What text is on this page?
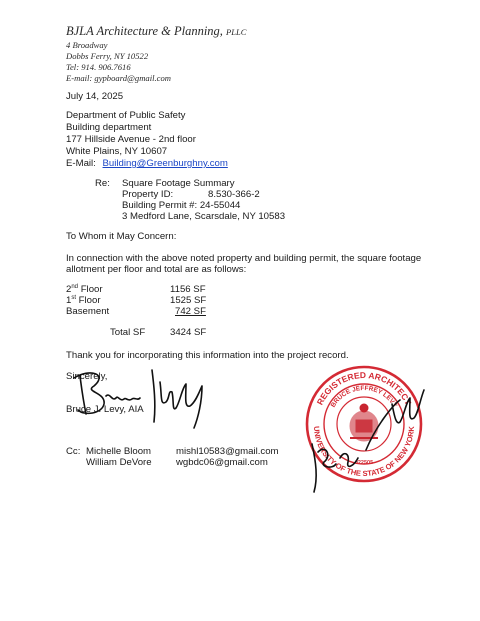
BJLA Architecture & Planning, PLLC
4 Broadway
Dobbs Ferry, NY 10522
Tel: 914. 906.7616
E-mail: gypboard@gmail.com
July 14, 2025
Department of Public Safety
Building department
177 Hillside Avenue - 2nd floor
White Plains, NY 10607
E-Mail: Building@Greenburghny.com
Re: Square Footage Summary
Property ID:	8.530-366-2
Building Permit #: 24-55044
3 Medford Lane, Scarsdale, NY 10583
To Whom it May Concern:
In connection with the above noted property and building permit, the square footage
allotment per floor and total are as follows:
2nd Floor	1156 SF
1st Floor	1525 SF
Basement	742 SF
Total SF	3424 SF
Thank you for incorporating this information into the project record.
Sincerely,
Bruce J. Levy, AIA
REGISTERED ARCHITECT
BRUCE JEFFREY LEVY
UNIVERSITY OF THE STATE OF NEW YORK
022505
Cc: Michelle Bloom	mishl10583@gmail.com
William DeVore	wgbdc06@gmail.com
